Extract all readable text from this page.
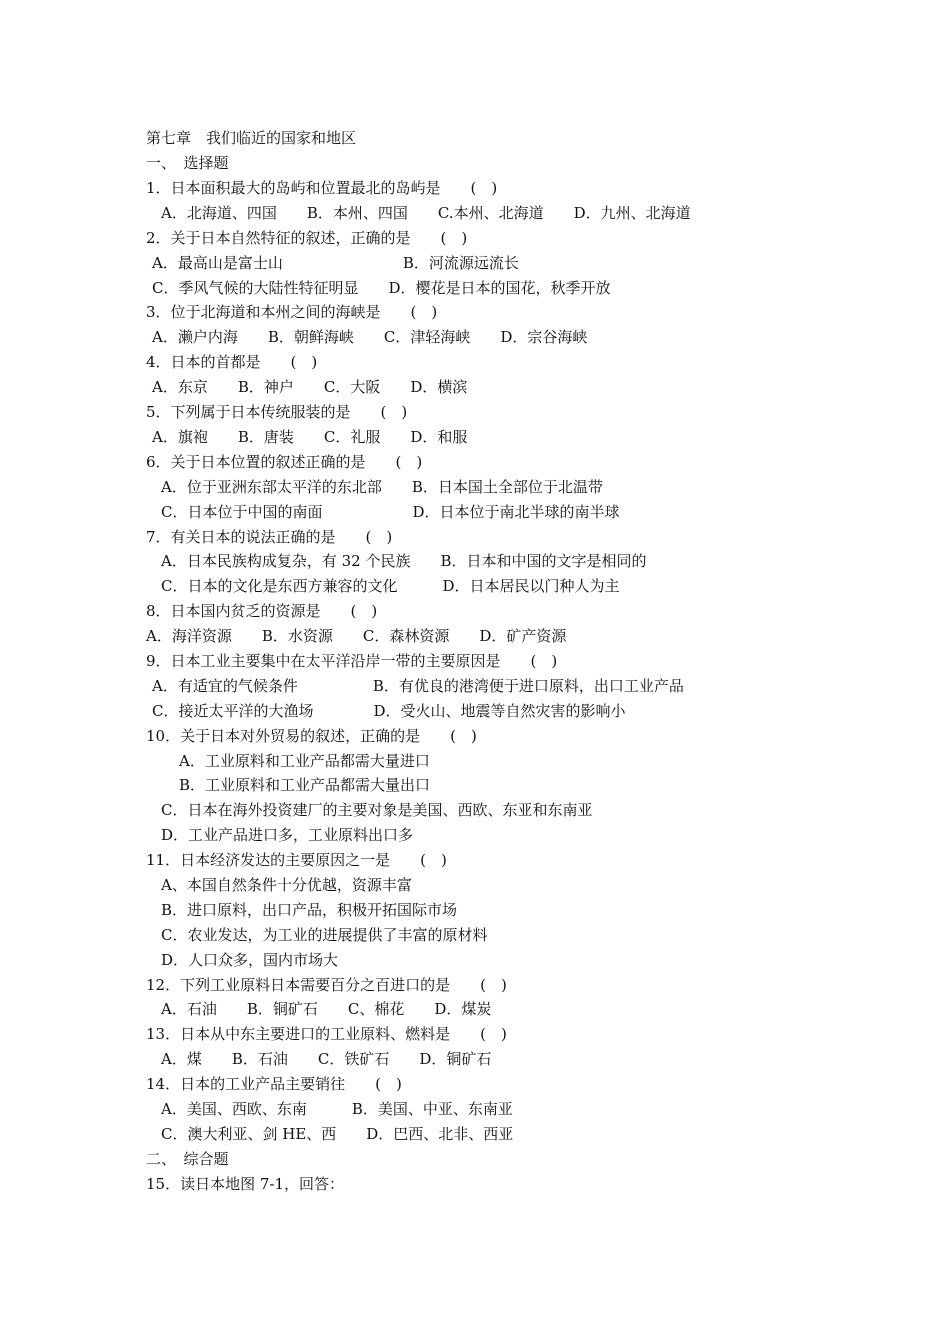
第七章　我们临近的国家和地区
一、　选择题
1．日本面积最大的岛屿和位置最北的岛屿是　　(　)
A．北海道、四国　　B．本州、四国　　C.本州、北海道　　D．九州、北海道
2．关于日本自然特征的叙述，正确的是　　(　)
A．最高山是富士山　　　　　　　　B．河流源远流长
C．季风气候的大陆性特征明显　　D．樱花是日本的国花，秋季开放
3．位于北海道和本州之间的海峡是　　(　)
A．濑户内海　　B．朝鲜海峡　　C．津轻海峡　　D．宗谷海峡
4．日本的首都是　　(　)
A．东京　　B．神户　　C．大阪　　D．横滨
5．下列属于日本传统服装的是　　(　)
A．旗袍　　B．唐装　　C．礼服　　D．和服
6．关于日本位置的叙述正确的是　　(　)
A．位于亚洲东部太平洋的东北部　　B．日本国土全部位于北温带
C．日本位于中国的南面　　　　　　D．日本位于南北半球的南半球
7．有关日本的说法正确的是　　(　)
A．日本民族构成复杂，有 32 个民族　　B．日本和中国的文字是相同的
C．日本的文化是东西方兼容的文化　　　D．日本居民以门种人为主
8．日本国内贫乏的资源是　　(　)
A．海洋资源　　B．水资源　　C．森林资源　　D．矿产资源
9．日本工业主要集中在太平洋沿岸一带的主要原因是　　(　)
A．有适宜的气候条件　　　　　B．有优良的港湾便于进口原料，出口工业产品
C．接近太平洋的大渔场　　　　D．受火山、地震等自然灾害的影响小
10．关于日本对外贸易的叙述，正确的是　　(　)
A．工业原料和工业产品都需大量进口
B．工业原料和工业产品都需大量出口
C．日本在海外投资建厂的主要对象是美国、西欧、东亚和东南亚
D．工业产品进口多，工业原料出口多
11．日本经济发达的主要原因之一是　　(　)
A、本国自然条件十分优越，资源丰富
B．进口原料，出口产品，积极开拓国际市场
C．农业发达，为工业的进展提供了丰富的原材料
D．人口众多，国内市场大
12．下列工业原料日本需要百分之百进口的是　　(　)
A．石油　　B．铜矿石　　C、棉花　　D．煤炭
13．日本从中东主要进口的工业原料、燃料是　　(　)
A．煤　　B．石油　　C．铁矿石　　D．铜矿石
14．日本的工业产品主要销往　　(　)
A．美国、西欧、东南　　　B．美国、中亚、东南亚
C．澳大利亚、剑 HE、西　　D．巴西、北非、西亚
二、　综合题
15．读日本地图 7-1，回答：
